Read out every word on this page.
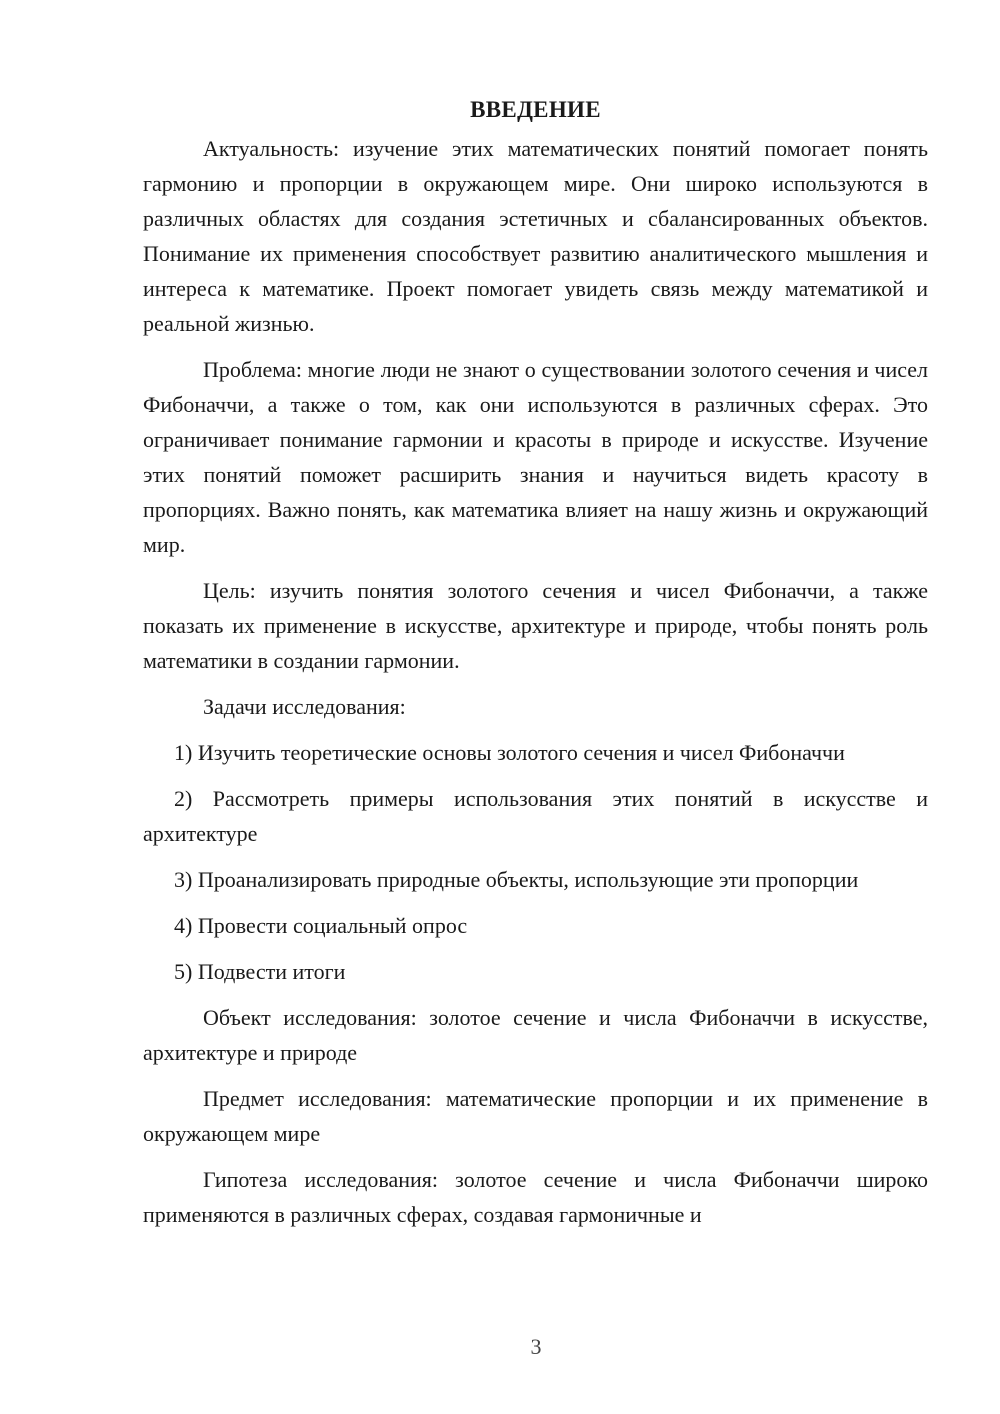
ВВЕДЕНИЕ

Актуальность: изучение этих математических понятий помогает понять гармонию и пропорции в окружающем мире. Они широко используются в различных областях для создания эстетичных и сбалансированных объектов. Понимание их применения способствует развитию аналитического мышления и интереса к математике. Проект помогает увидеть связь между математикой и реальной жизнью.

Проблема: многие люди не знают о существовании золотого сечения и чисел Фибоначчи, а также о том, как они используются в различных сферах. Это ограничивает понимание гармонии и красоты в природе и искусстве. Изучение этих понятий поможет расширить знания и научиться видеть красоту в пропорциях. Важно понять, как математика влияет на нашу жизнь и окружающий мир.

Цель: изучить понятия золотого сечения и чисел Фибоначчи, а также показать их применение в искусстве, архитектуре и природе, чтобы понять роль математики в создании гармонии.

Задачи исследования:

1) Изучить теоретические основы золотого сечения и чисел Фибоначчи

2) Рассмотреть примеры использования этих понятий в искусстве и архитектуре

3) Проанализировать природные объекты, использующие эти пропорции

4) Провести социальный опрос

5) Подвести итоги

Объект исследования: золотое сечение и числа Фибоначчи в искусстве, архитектуре и природе

Предмет исследования: математические пропорции и их применение в окружающем мире

Гипотеза исследования: золотое сечение и числа Фибоначчи широко применяются в различных сферах, создавая гармоничные и

3
